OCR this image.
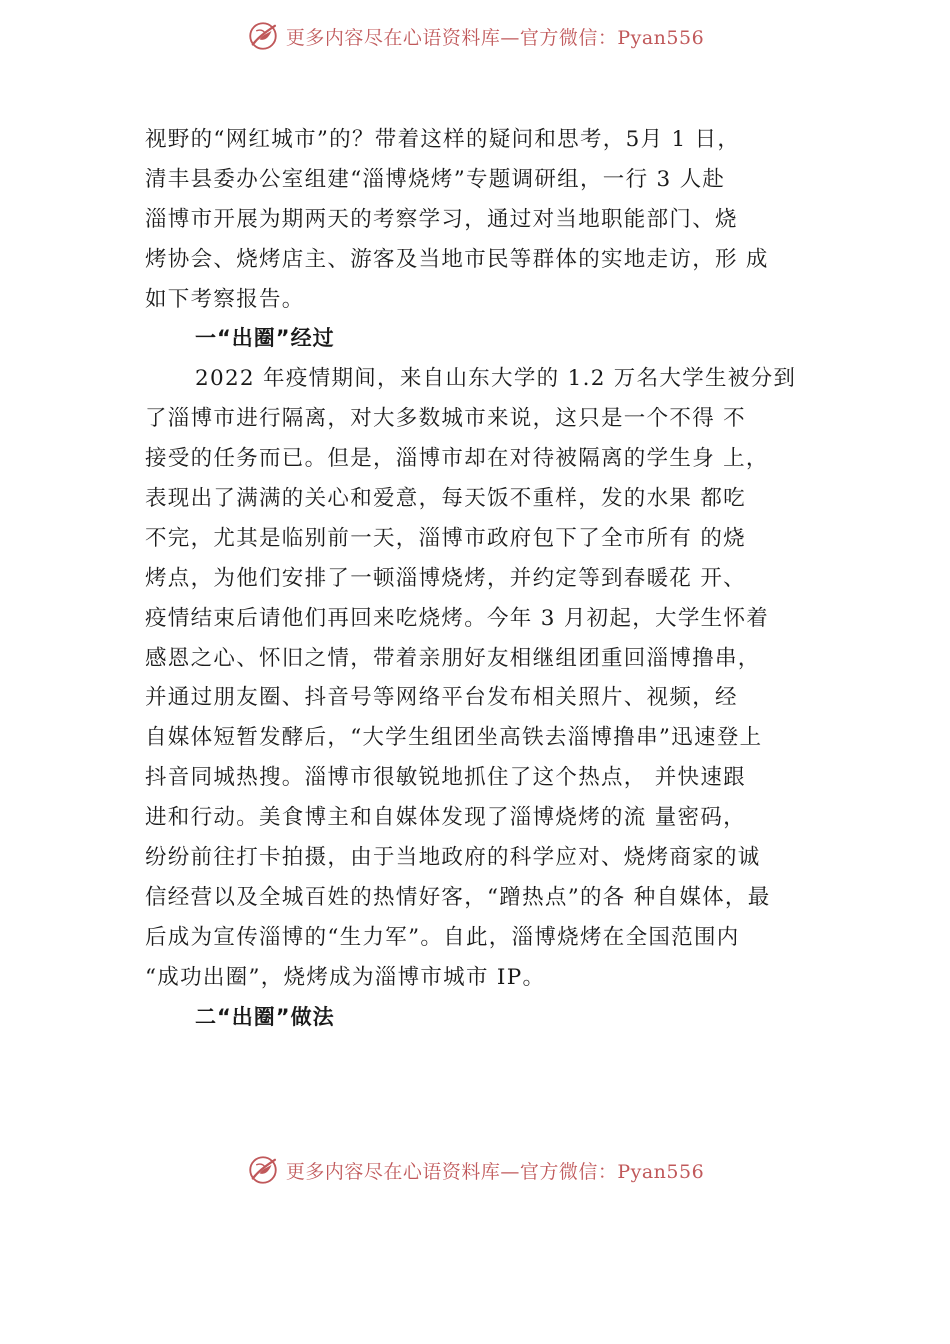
更多内容尽在心语资料库—官方微信：Pyan556
视野的“网红城市”的？带着这样的疑问和思考，5月 1 日，
清丰县委办公室组建“淄博烧烤”专题调研组，一行 3 人赴
淄博市开展为期两天的考察学习，通过对当地职能部门、烧
烤协会、烧烤店主、游客及当地市民等群体的实地走访，形 成
如下考察报告。
一“出圈”经过
2022 年疫情期间，来自山东大学的 1.2 万名大学生被分到
了淄博市进行隔离，对大多数城市来说，这只是一个不得 不
接受的任务而已。但是，淄博市却在对待被隔离的学生身 上，
表现出了满满的关心和爱意，每天饭不重样，发的水果 都吃
不完，尤其是临别前一天，淄博市政府包下了全市所有 的烧
烤点，为他们安排了一顿淄博烧烤，并约定等到春暖花 开、
疫情结束后请他们再回来吃烧烤。今年 3 月初起，大学生怀着
感恩之心、怀旧之情，带着亲朋好友相继组团重回淄博撸串，
并通过朋友圈、抖音号等网络平台发布相关照片、视频，经
自媒体短暂发酵后，“大学生组团坐高铁去淄博撸串”迅速登上
抖音同城热搜。淄博市很敏锐地抓住了这个热点， 并快速跟
进和行动。美食博主和自媒体发现了淄博烧烤的流 量密码，
纷纷前往打卡拍摄，由于当地政府的科学应对、烧烤商家的诚
信经营以及全城百姓的热情好客，“蹭热点”的各 种自媒体，最
后成为宣传淄博的“生力军”。自此，淄博烧烤在全国范围内
“成功出圈”，烧烤成为淄博市城市 IP。
二“出圈”做法
更多内容尽在心语资料库—官方微信：Pyan556
